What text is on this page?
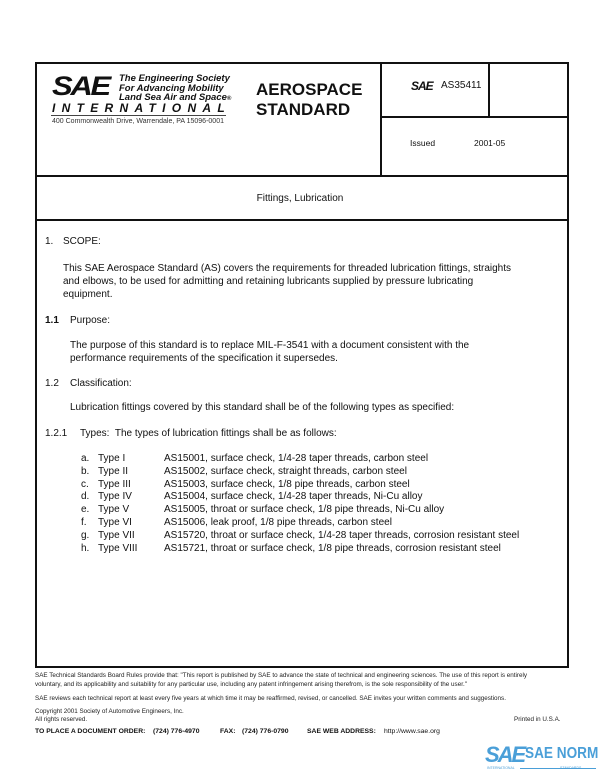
SAE The Engineering Society
For Advancing Mobility
Land Sea Air and Space®
INTERNATIONAL
400 Commonwealth Drive, Warrendale, PA 15096-0001
AEROSPACE
STANDARD
SAE AS35411
Issued	2001-05
Fittings, Lubrication
1. SCOPE:
This SAE Aerospace Standard (AS) covers the requirements for threaded lubrication fittings, straights
and elbows, to be used for admitting and retaining lubricants supplied by pressure lubricating
equipment.
1.1 Purpose:
The purpose of this standard is to replace MIL-F-3541 with a document consistent with the
performance requirements of the specification it supersedes.
1.2 Classification:
Lubrication fittings covered by this standard shall be of the following types as specified:
1.2.1 Types: The types of lubrication fittings shall be as follows:
a. Type I	AS15001, surface check, 1/4-28 taper threads, carbon steel
b. Type II	AS15002, surface check, straight threads, carbon steel
c. Type III	AS15003, surface check, 1/8 pipe threads, carbon steel
d. Type IV	AS15004, surface check, 1/4-28 taper threads, Ni-Cu alloy
e. Type V	AS15005, throat or surface check, 1/8 pipe threads, Ni-Cu alloy
f. Type VI	AS15006, leak proof, 1/8 pipe threads, carbon steel
g. Type VII	AS15720, throat or surface check, 1/4-28 taper threads, corrosion resistant steel
h. Type VIII	AS15721, throat or surface check, 1/8 pipe threads, corrosion resistant steel
SAE Technical Standards Board Rules provide that: "This report is published by SAE to advance the state of technical and engineering sciences. The use of this report is entirely
voluntary, and its applicability and suitability for any particular use, including any patent infringement arising therefrom, is the sole responsibility of the user."
SAE reviews each technical report at least every five years at which time it may be reaffirmed, revised, or cancelled. SAE invites your written comments and suggestions.
Copyright 2001 Society of Automotive Engineers, Inc.
All rights reserved.	Printed in U.S.A.
TO PLACE A DOCUMENT ORDER: (724) 776-4970	FAX: (724) 776-0790	SAE WEB ADDRESS: http://www.sae.org
SAE SAE NORM
INTERNATIONAL
